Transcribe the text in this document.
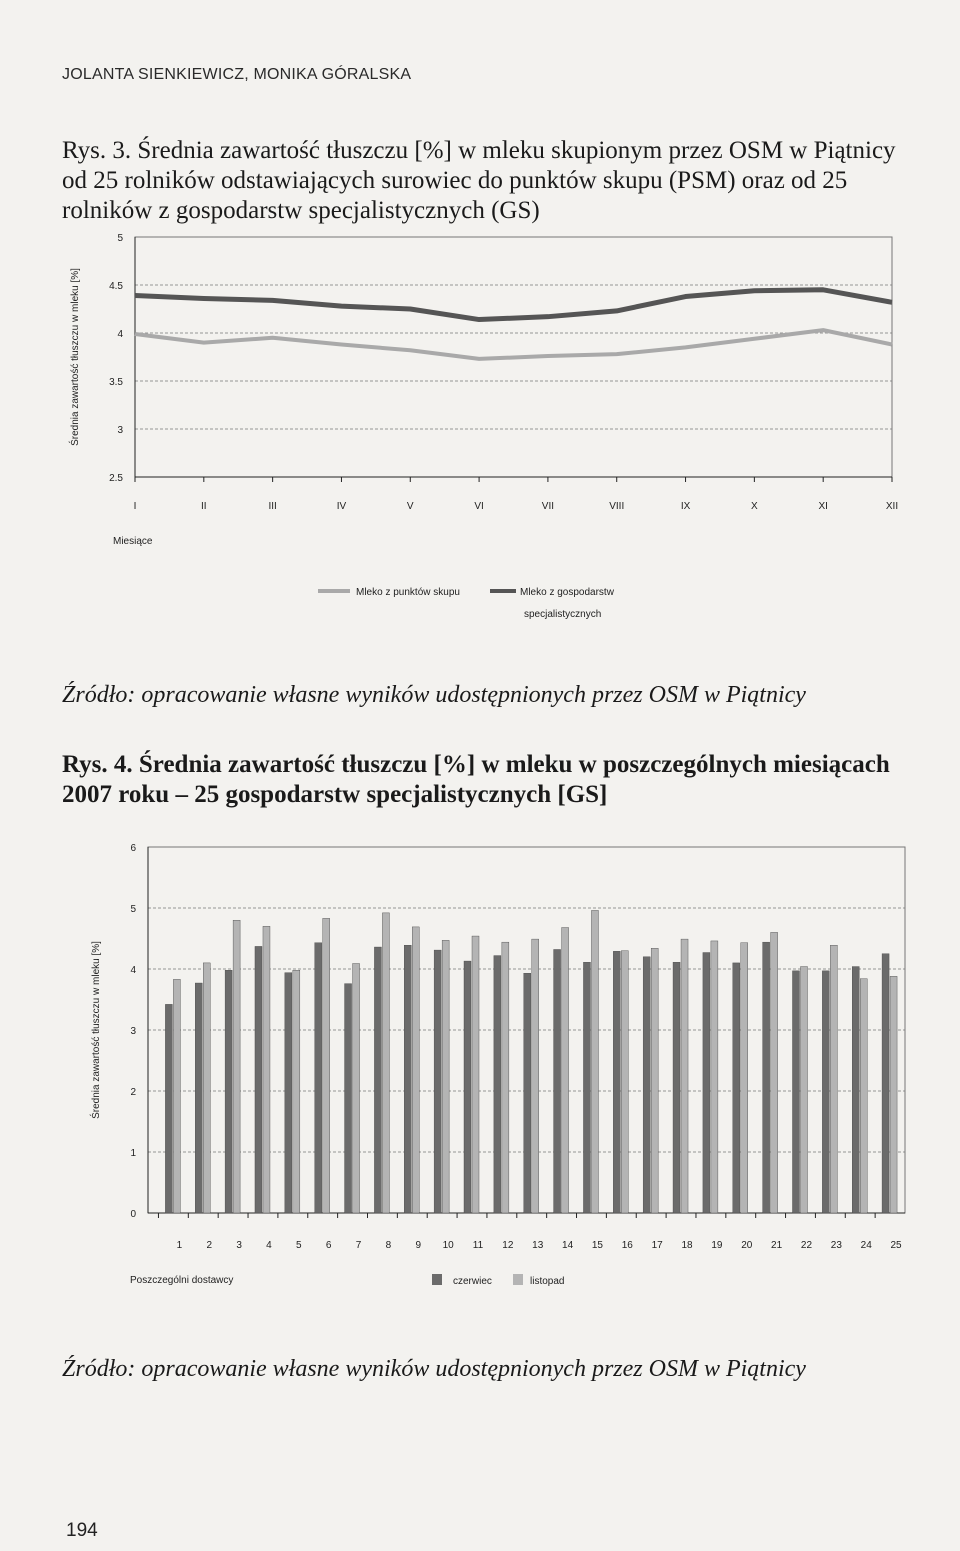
JOLANTA SIENKIEWICZ, MONIKA GÓRALSKA
Rys. 3. Średnia zawartość tłuszczu [%] w mleku skupionym przez OSM w Piątnicy od 25 rolników odstawiających surowiec do punktów skupu (PSM) oraz od 25 rolników z gospodarstw specjalistycznych (GS)
2.5
3
3.5
4
4.5
5
I	II	III	IV	V	VI	VII	VIII	IX	X	XI	XII
Średnia zawartość tłuszczu w mleku [%]
Miesiące
Mleko z punktów skupu	Mleko z gospodarstw
specjalistycznych
Źródło: opracowanie własne wyników udostępnionych przez OSM w Piątnicy
Rys. 4. Średnia zawartość tłuszczu [%] w mleku w poszczególnych miesiącach 2007 roku – 25 gospodarstw specjalistycznych [GS]
0
1
2
3
4
5
6
1 2 3 4 5 6 7 8 9 10 11 12 13 14 15 16 17 18 19 20 21 22 23 24 25
Średnia zawartość tłuszczu w mleku [%]
Poszczególni dostawcy	czerwiec	listopad
Źródło: opracowanie własne wyników udostępnionych przez OSM w Piątnicy
194
